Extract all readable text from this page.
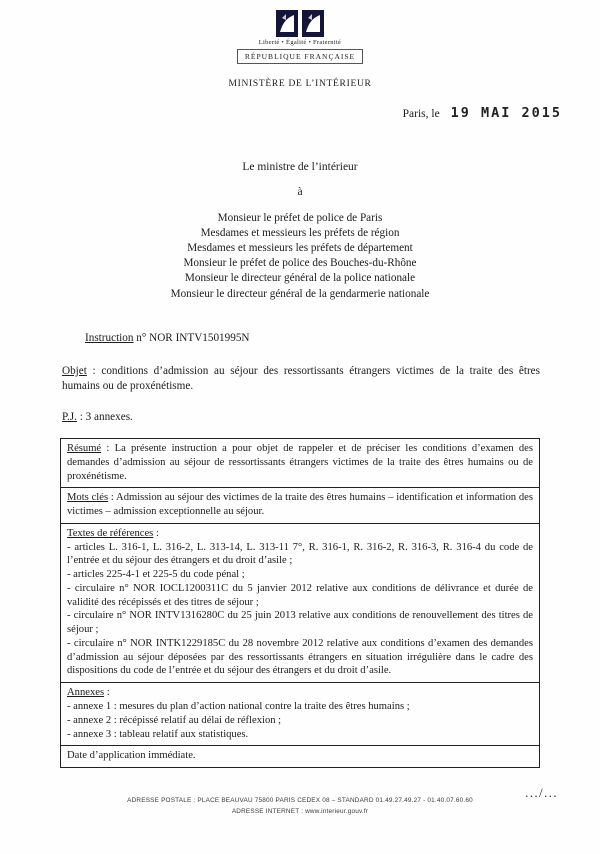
Liberté • Égalité • Fraternité
RÉPUBLIQUE FRANÇAISE
MINISTÈRE DE L’INTÉRIEUR
Paris, le 19 MAI 2015

Le ministre de l’intérieur

à

Monsieur le préfet de police de Paris

Mesdames et messieurs les préfets de région

Mesdames et messieurs les préfets de département

Monsieur le préfet de police des Bouches-du-Rhône

Monsieur le directeur général de la police nationale

Monsieur le directeur général de la gendarmerie nationale

Instruction n° NOR INTV1501995N

Objet : conditions d’admission au séjour des ressortissants étrangers victimes de la traite des êtres humains ou de proxénétisme.

P.J. : 3 annexes.

Résumé : La présente instruction a pour objet de rappeler et de préciser les conditions d’examen des demandes d’admission au séjour de ressortissants étrangers victimes de la traite des êtres humains ou de proxénétisme.
Mots clés : Admission au séjour des victimes de la traite des êtres humains – identification et information des victimes – admission exceptionnelle au séjour.
Textes de références :
- articles L. 316-1, L. 316-2, L. 313-14, L. 313-11 7°, R. 316-1, R. 316-2, R. 316-3, R. 316-4 du code de l’entrée et du séjour des étrangers et du droit d’asile ;
- articles 225-4-1 et 225-5 du code pénal ;
- circulaire n° NOR IOCL1200311C du 5 janvier 2012 relative aux conditions de délivrance et durée de validité des récépissés et des titres de séjour ;
- circulaire n° NOR INTV1316280C du 25 juin 2013 relative aux conditions de renouvellement des titres de séjour ;
- circulaire n° NOR INTK1229185C du 28 novembre 2012 relative aux conditions d’examen des demandes d’admission au séjour déposées par des ressortissants étrangers en situation irrégulière dans le cadre des dispositions du code de l’entrée et du séjour des étrangers et du droit d’asile.
Annexes :
- annexe 1 : mesures du plan d’action national contre la traite des êtres humains ;
- annexe 2 : récépissé relatif au délai de réflexion ;
- annexe 3 : tableau relatif aux statistiques.
Date d’application immédiate.

.../...

ADRESSE POSTALE : PLACE BEAUVAU 75800 PARIS CEDEX 08 – STANDARD 01.49.27.49.27 - 01.40.07.60.60

ADRESSE INTERNET : www.interieur.gouv.fr
